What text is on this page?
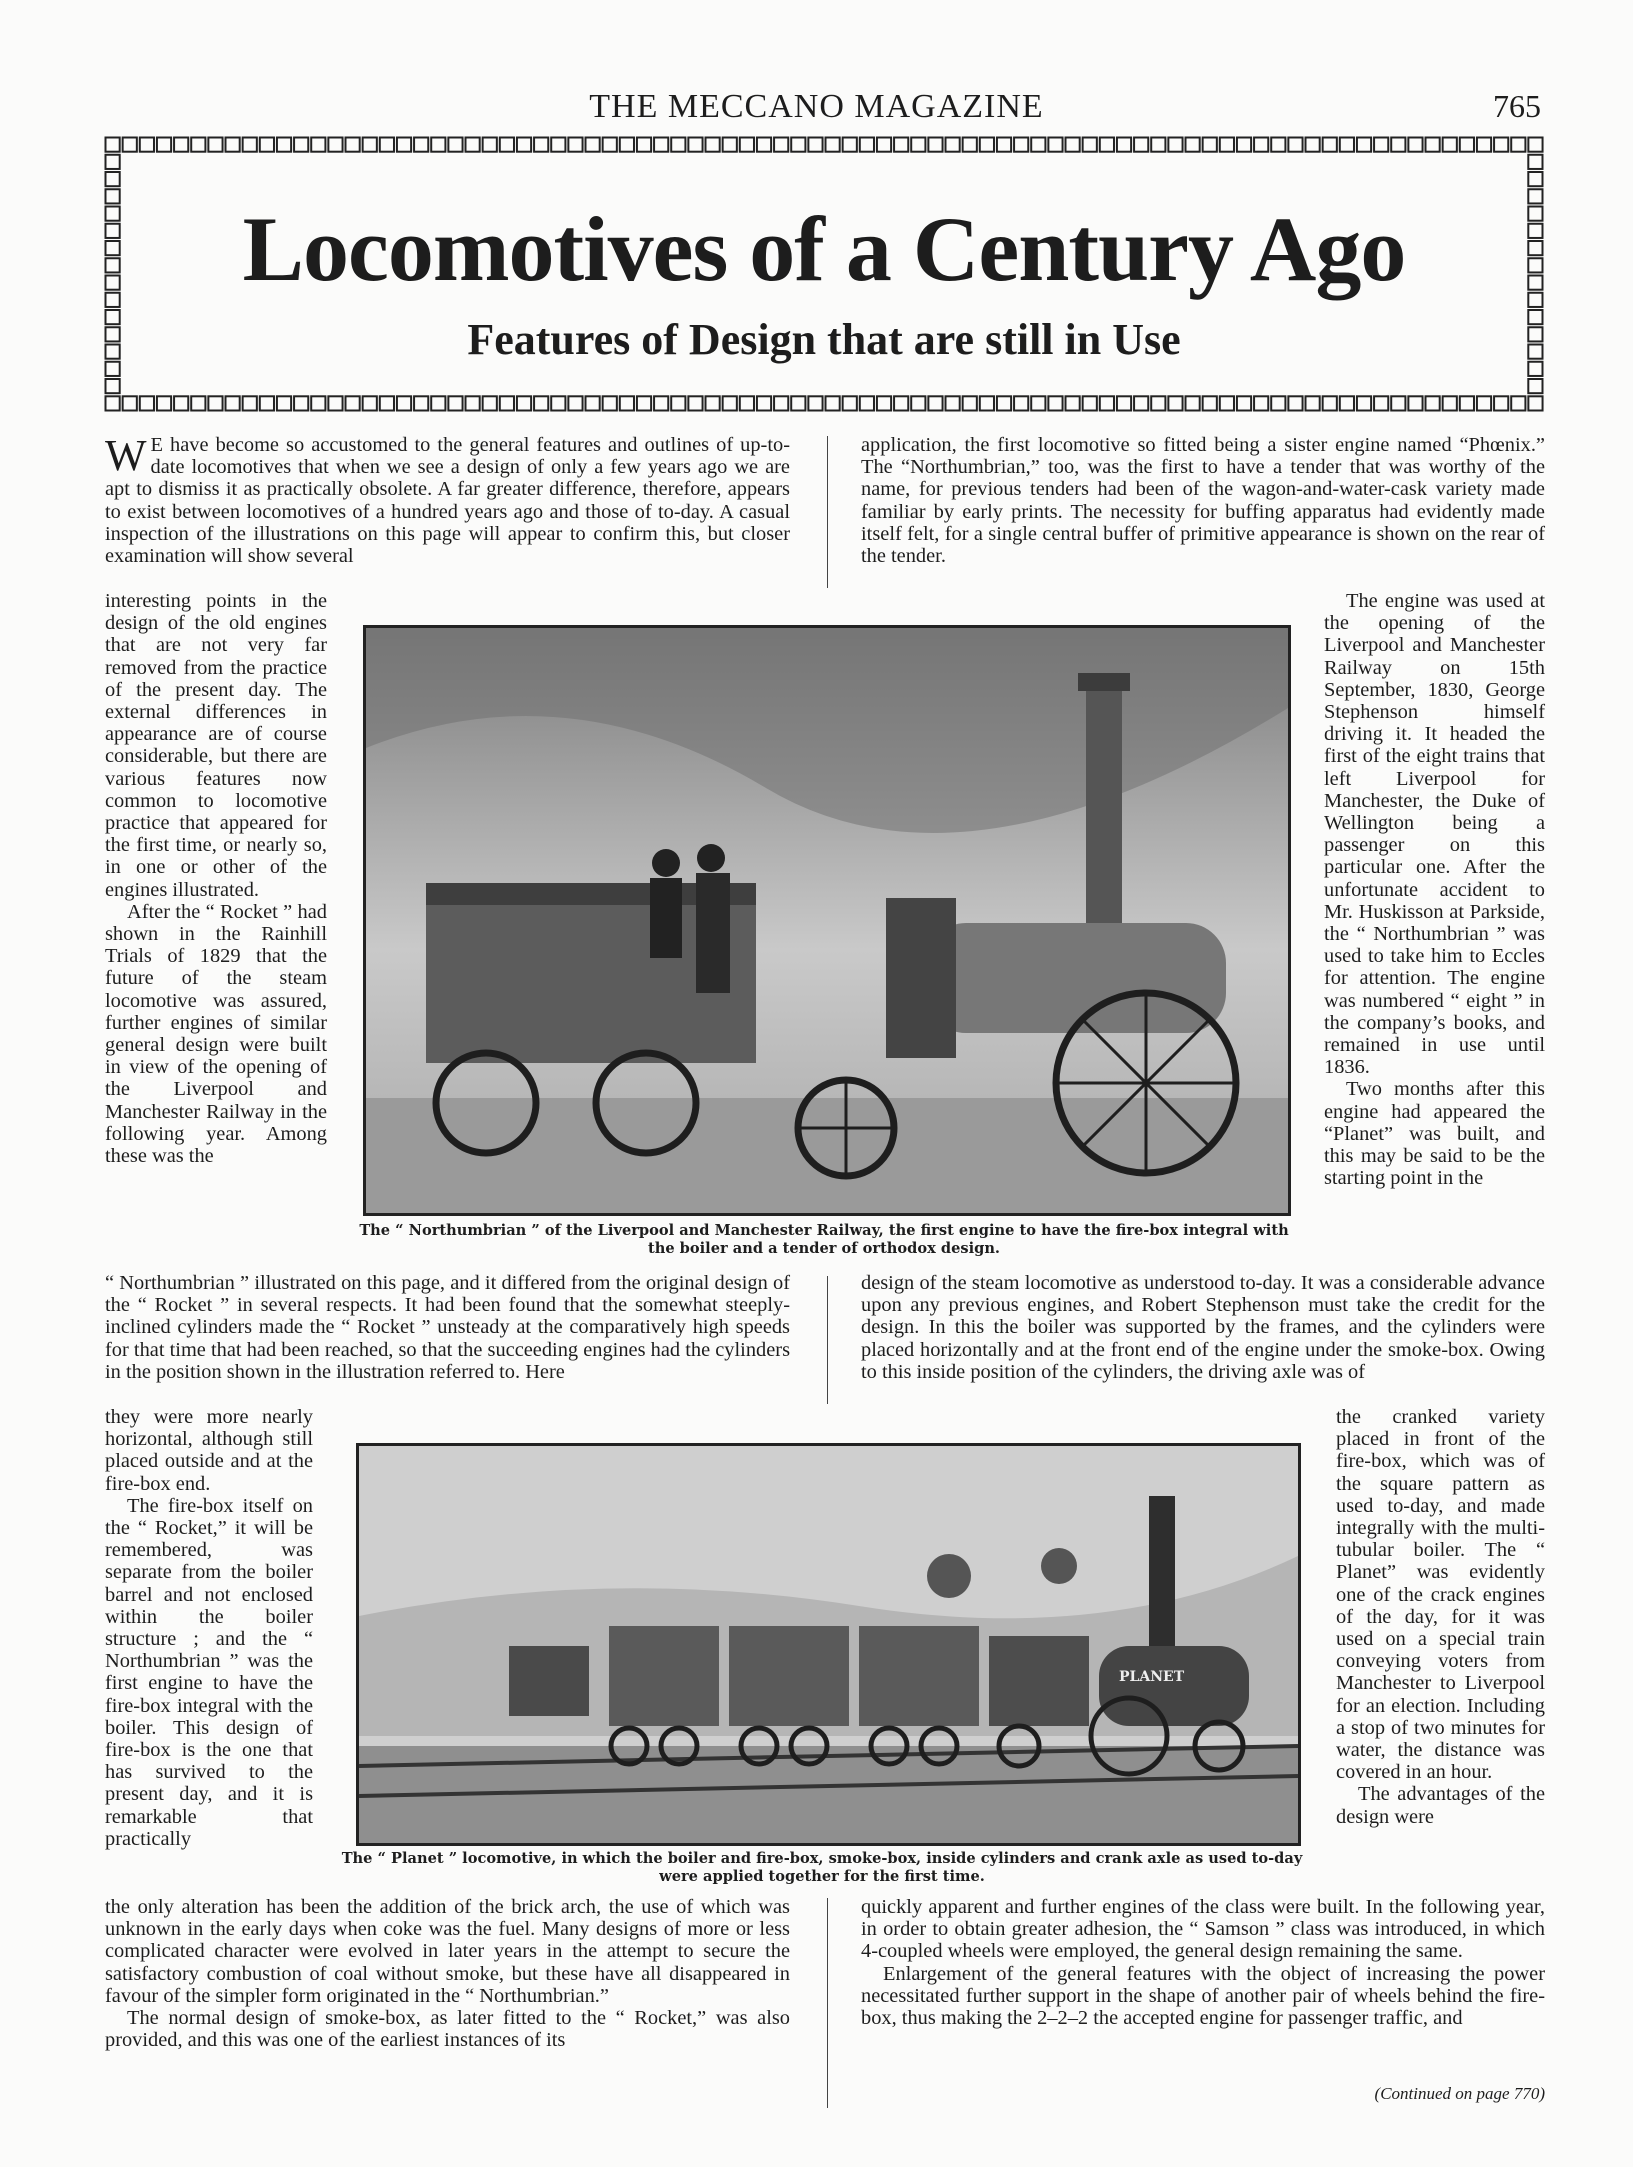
THE MECCANO MAGAZINE	765
Locomotives of a Century Ago
Features of Design that are still in Use

W E have become so accustomed to the general features and outlines of up-to-date locomotives that when we see a design of only a few years ago we are apt to dismiss it as practically obsolete. A far greater difference, therefore, appears to exist between locomotives of a hundred years ago and those of to-day. A casual inspection of the illustrations on this page will appear to confirm this, but closer examination will show several

application, the first locomotive so fitted being a sister engine named “Phœnix.” The “Northumbrian,” too, was the first to have a tender that was worthy of the name, for previous tenders had been of the wagon-and-water-cask variety made familiar by early prints. The necessity for buffing apparatus had evidently made itself felt, for a single central buffer of primitive appearance is shown on the rear of the tender.

interesting points in the design of the old engines that are not very far removed from the practice of the present day. The external differences in appearance are of course considerable, but there are various features now common to locomotive practice that appeared for the first time, or nearly so, in one or other of the engines illustrated.

After the “ Rocket ” had shown in the Rainhill Trials of 1829 that the future of the steam locomotive was assured, further engines of similar general design were built in view of the opening of the Liverpool and Manchester Railway in the following year. Among these was the

The engine was used at the opening of the Liverpool and Manchester Railway on 15th September, 1830, George Stephenson himself driving it. It headed the first of the eight trains that left Liverpool for Manchester, the Duke of Wellington being a passenger on this particular one. After the unfortunate accident to Mr. Huskisson at Parkside, the “ Northumbrian ” was used to take him to Eccles for attention. The engine was numbered “ eight ” in the company’s books, and remained in use until 1836.

Two months after this engine had appeared the “Planet” was built, and this may be said to be the starting point in the

The “ Northumbrian ” of the Liverpool and Manchester Railway, the first engine to have the fire-box integral with the boiler and a tender of orthodox design.

“ Northumbrian ” illustrated on this page, and it differed from the original design of the “ Rocket ” in several respects. It had been found that the somewhat steeply-inclined cylinders made the “ Rocket ” unsteady at the comparatively high speeds for that time that had been reached, so that the succeeding engines had the cylinders in the position shown in the illustration referred to. Here

design of the steam locomotive as understood to-day. It was a considerable advance upon any previous engines, and Robert Stephenson must take the credit for the design. In this the boiler was supported by the frames, and the cylinders were placed horizontally and at the front end of the engine under the smoke-box. Owing to this inside position of the cylinders, the driving axle was of

they were more nearly horizontal, although still placed outside and at the fire-box end.

The fire-box itself on the “ Rocket,” it will be remembered, was separate from the boiler barrel and not enclosed within the boiler structure ; and the “ Northumbrian ” was the first engine to have the fire-box integral with the boiler. This design of fire-box is the one that has survived to the present day, and it is remarkable that practically

the cranked variety placed in front of the fire-box, which was of the square pattern as used to-day, and made integrally with the multi-tubular boiler. The “ Planet” was evidently one of the crack engines of the day, for it was used on a special train conveying voters from Manchester to Liverpool for an election. Including a stop of two minutes for water, the distance was covered in an hour.

The advantages of the design were

PLANET
The “ Planet ” locomotive, in which the boiler and fire-box, smoke-box, inside cylinders and crank axle as used to-day were applied together for the first time.

the only alteration has been the addition of the brick arch, the use of which was unknown in the early days when coke was the fuel. Many designs of more or less complicated character were evolved in later years in the attempt to secure the satisfactory combustion of coal without smoke, but these have all disappeared in favour of the simpler form originated in the “ Northumbrian.”

The normal design of smoke-box, as later fitted to the “ Rocket,” was also provided, and this was one of the earliest instances of its

quickly apparent and further engines of the class were built. In the following year, in order to obtain greater adhesion, the “ Samson ” class was introduced, in which 4-coupled wheels were employed, the general design remaining the same.

Enlargement of the general features with the object of increasing the power necessitated further support in the shape of another pair of wheels behind the fire-box, thus making the 2–2–2 the accepted engine for passenger traffic, and

(Continued on page 770)
